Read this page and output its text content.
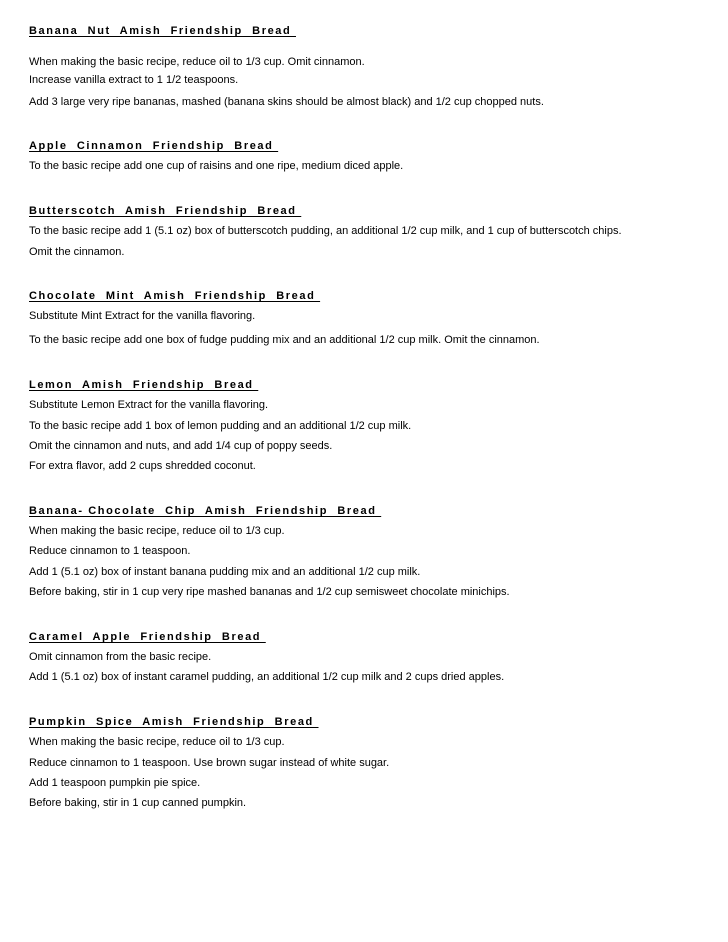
Banana  Nut  Amish  Friendship  Bread
When making the basic recipe, reduce oil to 1/3 cup. Omit cinnamon.
Increase vanilla extract to 1 1/2 teaspoons.
Add 3 large very ripe bananas, mashed (banana skins should be almost black) and 1/2 cup chopped nuts.
Apple  Cinnamon  Friendship  Bread
To the basic recipe add one cup of raisins and one ripe, medium diced apple.
Butterscotch  Amish  Friendship  Bread
To the basic recipe add 1 (5.1 oz) box of butterscotch pudding, an additional 1/2 cup milk, and 1 cup of butterscotch chips.
Omit the cinnamon.
Chocolate  Mint  Amish  Friendship  Bread
Substitute Mint Extract for the vanilla flavoring.
To the basic recipe add one box of fudge pudding mix and an additional 1/2 cup milk. Omit the cinnamon.
Lemon  Amish  Friendship  Bread
Substitute Lemon Extract for the vanilla flavoring.
To the basic recipe add 1 box of lemon pudding and an additional 1/2 cup milk.
Omit the cinnamon and nuts, and add 1/4 cup of poppy seeds.
For extra flavor, add 2 cups shredded coconut.
Banana- Chocolate  Chip  Amish  Friendship  Bread
When making the basic recipe, reduce oil to 1/3 cup.
Reduce cinnamon to 1 teaspoon.
Add 1 (5.1 oz) box of instant banana pudding mix and an additional 1/2 cup milk.
Before baking, stir in 1 cup very ripe mashed bananas and 1/2 cup semisweet chocolate minichips.
Caramel  Apple  Friendship  Bread
Omit cinnamon from the basic recipe.
Add 1 (5.1 oz) box of instant caramel pudding, an additional 1/2 cup milk and 2 cups dried apples.
Pumpkin  Spice  Amish  Friendship  Bread
When making the basic recipe, reduce oil to 1/3 cup.
Reduce cinnamon to 1 teaspoon. Use brown sugar instead of white sugar.
Add 1 teaspoon pumpkin pie spice.
Before baking, stir in 1 cup canned pumpkin.
